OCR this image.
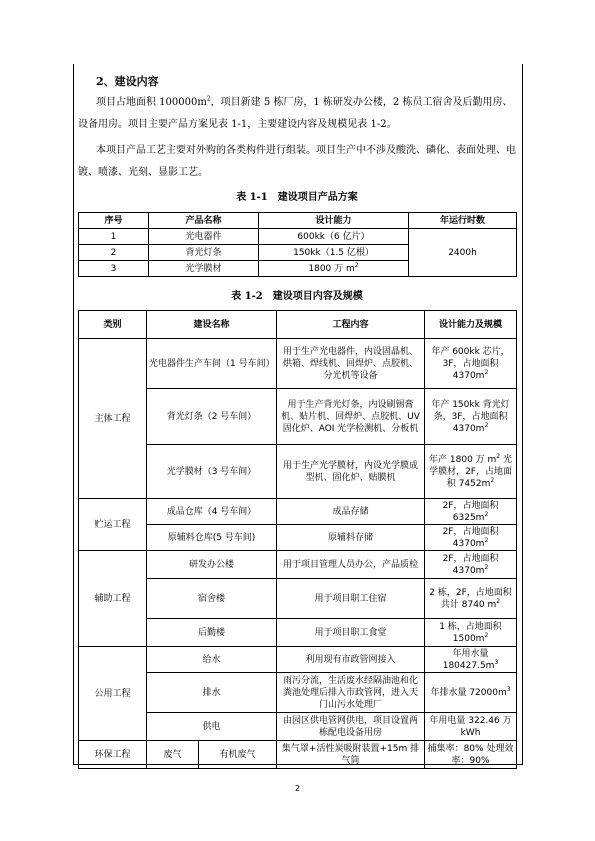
2、建设内容

项目占地面积 $100000m^2$，项目新建 5 栋厂房，1 栋研发办公楼，2 栋员工宿舍及后勤用房、设备用房。项目主要产品方案见表 1-1，主要建设内容及规模见表 1-2。

本项目产品工艺主要对外购的各类构件进行组装。项目生产中不涉及酸洗、磷化、表面处理、电镀、喷漆、光刻、显影工艺。

表 1-1　建设项目产品方案
序号	产品名称	设计能力	年运行时数
1	光电器件	600kk（6 亿片）	2400h
2	背光灯条	150kk（1.5 亿根）	
3	光学膜材	1800 万 $m^2$
表 1-2　建设项目内容及规模
类别	建设名称		工程内容	设计能力及规模
主体工程	光电器件生产车间（1 号车间）		用于生产光电器件，内设固晶机、烘箱、焊线机、回焊炉、点胶机、分光机等设备	年产 600kk 芯片，3F，占地面积 $4370m^2$
	背光灯条（2 号车间）		用于生产背光灯条，内设刷锡膏机、贴片机、回焊炉、点胶机、UV 固化炉、AOI 光学检测机、分板机	年产 150kk 背光灯条，3F，占地面积 $4370m^2$
	光学膜材（3 号车间）		用于生产光学膜材，内设光学膜成型机、固化炉、贴膜机	年产 1800 万 $m^2$ 光学膜材，2F，占地面积 $7452m^2$
贮运工程	成品仓库（4 号车间）		成品存储	2F，占地面积 $6325m^2$
	原辅料仓库(5 号车间)		原辅料存储	2F，占地面积 $4370m^2$
辅助工程	研发办公楼		用于项目管理人员办公，产品质检	2F，占地面积 $4370m^2$
	宿舍楼		用于项目职工住宿	2 栋，2F，占地面积共计 8740 $m^2$
	后勤楼		用于项目职工食堂	1 栋，占地面积 $1500m^2$
公用工程	给水		利用现有市政管网接入	年用水量 $180427.5m^3$
	排水		雨污分流，生活废水经隔油池和化粪池处理后排入市政管网，进入天门山污水处理厂	年排水量 $72000m^3$
	供电		由园区供电管网供电，项目设置两栋配电设备用房	年用电量 322.46 万 kWh
环保工程	废气	有机废气	集气罩+活性炭吸附装置+15m 排气筒	捕集率：80% 处理效率：90%
2
